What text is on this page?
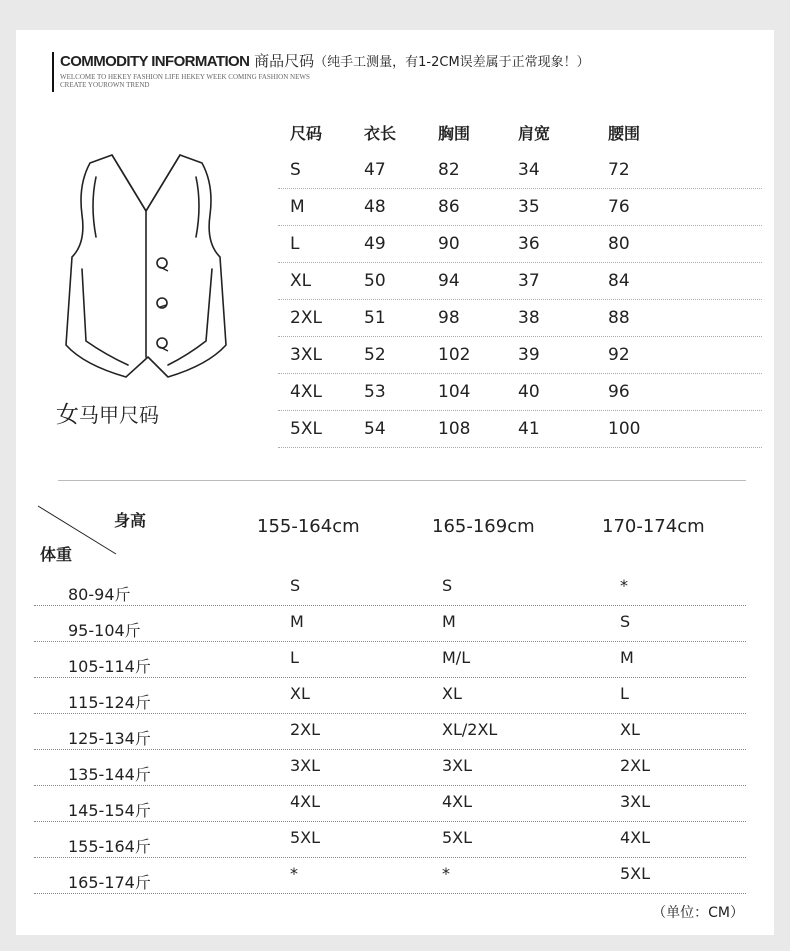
COMMODITY INFORMATION 商品尺码（纯手工测量，有1-2CM误差属于正常现象！）
WELCOME TO HEKEY FASHION LIFE HEKEY WEEK COMING FASHION NEWS
CREATE YOUROWN TREND
女马甲尺码
尺码	衣长	胸围	肩宽	腰围
S	47	82	34	72
M	48	86	35	76
L	49	90	36	80
XL	50	94	37	84
2XL	51	98	38	88
3XL	52	102	39	92
4XL	53	104	40	96
5XL	54	108	41	100
身高
体重
155-164cm	165-169cm	170-174cm
80-94斤	S	S	*
95-104斤	M	M	S
105-114斤	L	M/L	M
115-124斤	XL	XL	L
125-134斤	2XL	XL/2XL	XL
135-144斤	3XL	3XL	2XL
145-154斤	4XL	4XL	3XL
155-164斤	5XL	5XL	4XL
165-174斤	*	*	5XL
（单位：CM）
